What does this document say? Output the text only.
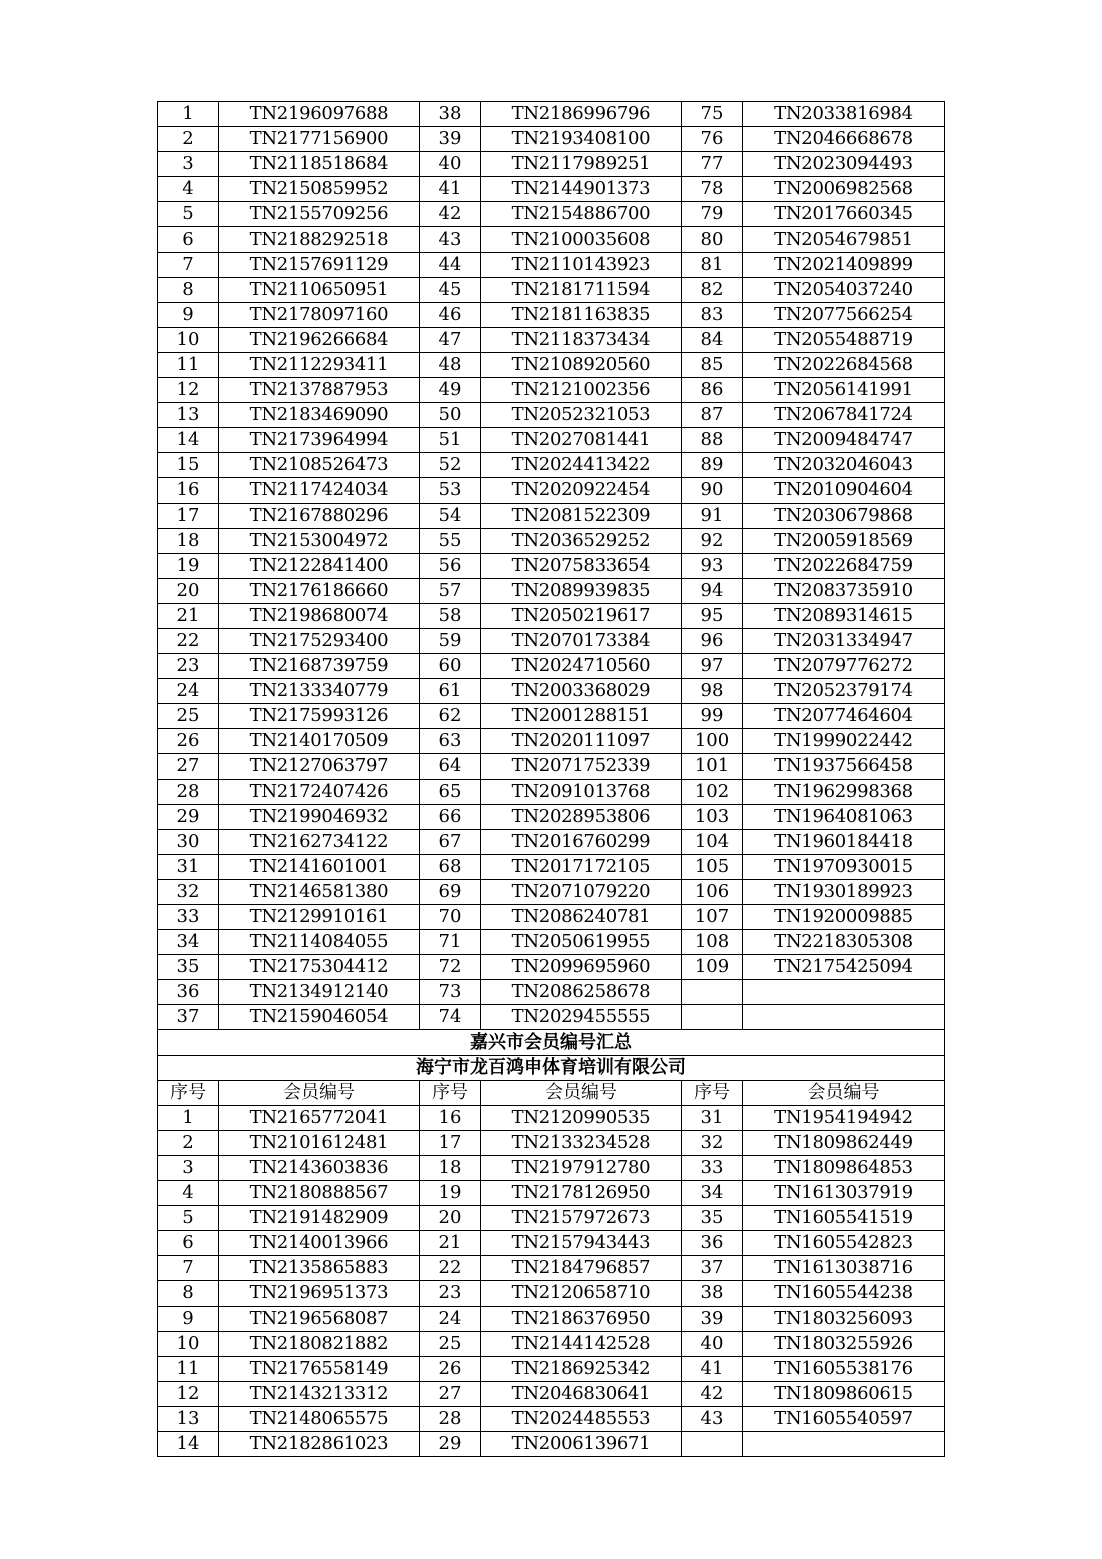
1	TN2196097688	38	TN2186996796	75	TN2033816984
2	TN2177156900	39	TN2193408100	76	TN2046668678
3	TN2118518684	40	TN2117989251	77	TN2023094493
4	TN2150859952	41	TN2144901373	78	TN2006982568
5	TN2155709256	42	TN2154886700	79	TN2017660345
6	TN2188292518	43	TN2100035608	80	TN2054679851
7	TN2157691129	44	TN2110143923	81	TN2021409899
8	TN2110650951	45	TN2181711594	82	TN2054037240
9	TN2178097160	46	TN2181163835	83	TN2077566254
10	TN2196266684	47	TN2118373434	84	TN2055488719
11	TN2112293411	48	TN2108920560	85	TN2022684568
12	TN2137887953	49	TN2121002356	86	TN2056141991
13	TN2183469090	50	TN2052321053	87	TN2067841724
14	TN2173964994	51	TN2027081441	88	TN2009484747
15	TN2108526473	52	TN2024413422	89	TN2032046043
16	TN2117424034	53	TN2020922454	90	TN2010904604
17	TN2167880296	54	TN2081522309	91	TN2030679868
18	TN2153004972	55	TN2036529252	92	TN2005918569
19	TN2122841400	56	TN2075833654	93	TN2022684759
20	TN2176186660	57	TN2089939835	94	TN2083735910
21	TN2198680074	58	TN2050219617	95	TN2089314615
22	TN2175293400	59	TN2070173384	96	TN2031334947
23	TN2168739759	60	TN2024710560	97	TN2079776272
24	TN2133340779	61	TN2003368029	98	TN2052379174
25	TN2175993126	62	TN2001288151	99	TN2077464604
26	TN2140170509	63	TN2020111097	100	TN1999022442
27	TN2127063797	64	TN2071752339	101	TN1937566458
28	TN2172407426	65	TN2091013768	102	TN1962998368
29	TN2199046932	66	TN2028953806	103	TN1964081063
30	TN2162734122	67	TN2016760299	104	TN1960184418
31	TN2141601001	68	TN2017172105	105	TN1970930015
32	TN2146581380	69	TN2071079220	106	TN1930189923
33	TN2129910161	70	TN2086240781	107	TN1920009885
34	TN2114084055	71	TN2050619955	108	TN2218305308
35	TN2175304412	72	TN2099695960	109	TN2175425094
36	TN2134912140	73	TN2086258678		
37	TN2159046054	74	TN2029455555		
嘉兴市会员编号汇总					
海宁市龙百鸿申体育培训有限公司					
序号	会员编号	序号	会员编号	序号	会员编号
1	TN2165772041	16	TN2120990535	31	TN1954194942
2	TN2101612481	17	TN2133234528	32	TN1809862449
3	TN2143603836	18	TN2197912780	33	TN1809864853
4	TN2180888567	19	TN2178126950	34	TN1613037919
5	TN2191482909	20	TN2157972673	35	TN1605541519
6	TN2140013966	21	TN2157943443	36	TN1605542823
7	TN2135865883	22	TN2184796857	37	TN1613038716
8	TN2196951373	23	TN2120658710	38	TN1605544238
9	TN2196568087	24	TN2186376950	39	TN1803256093
10	TN2180821882	25	TN2144142528	40	TN1803255926
11	TN2176558149	26	TN2186925342	41	TN1605538176
12	TN2143213312	27	TN2046830641	42	TN1809860615
13	TN2148065575	28	TN2024485553	43	TN1605540597
14	TN2182861023	29	TN2006139671		
